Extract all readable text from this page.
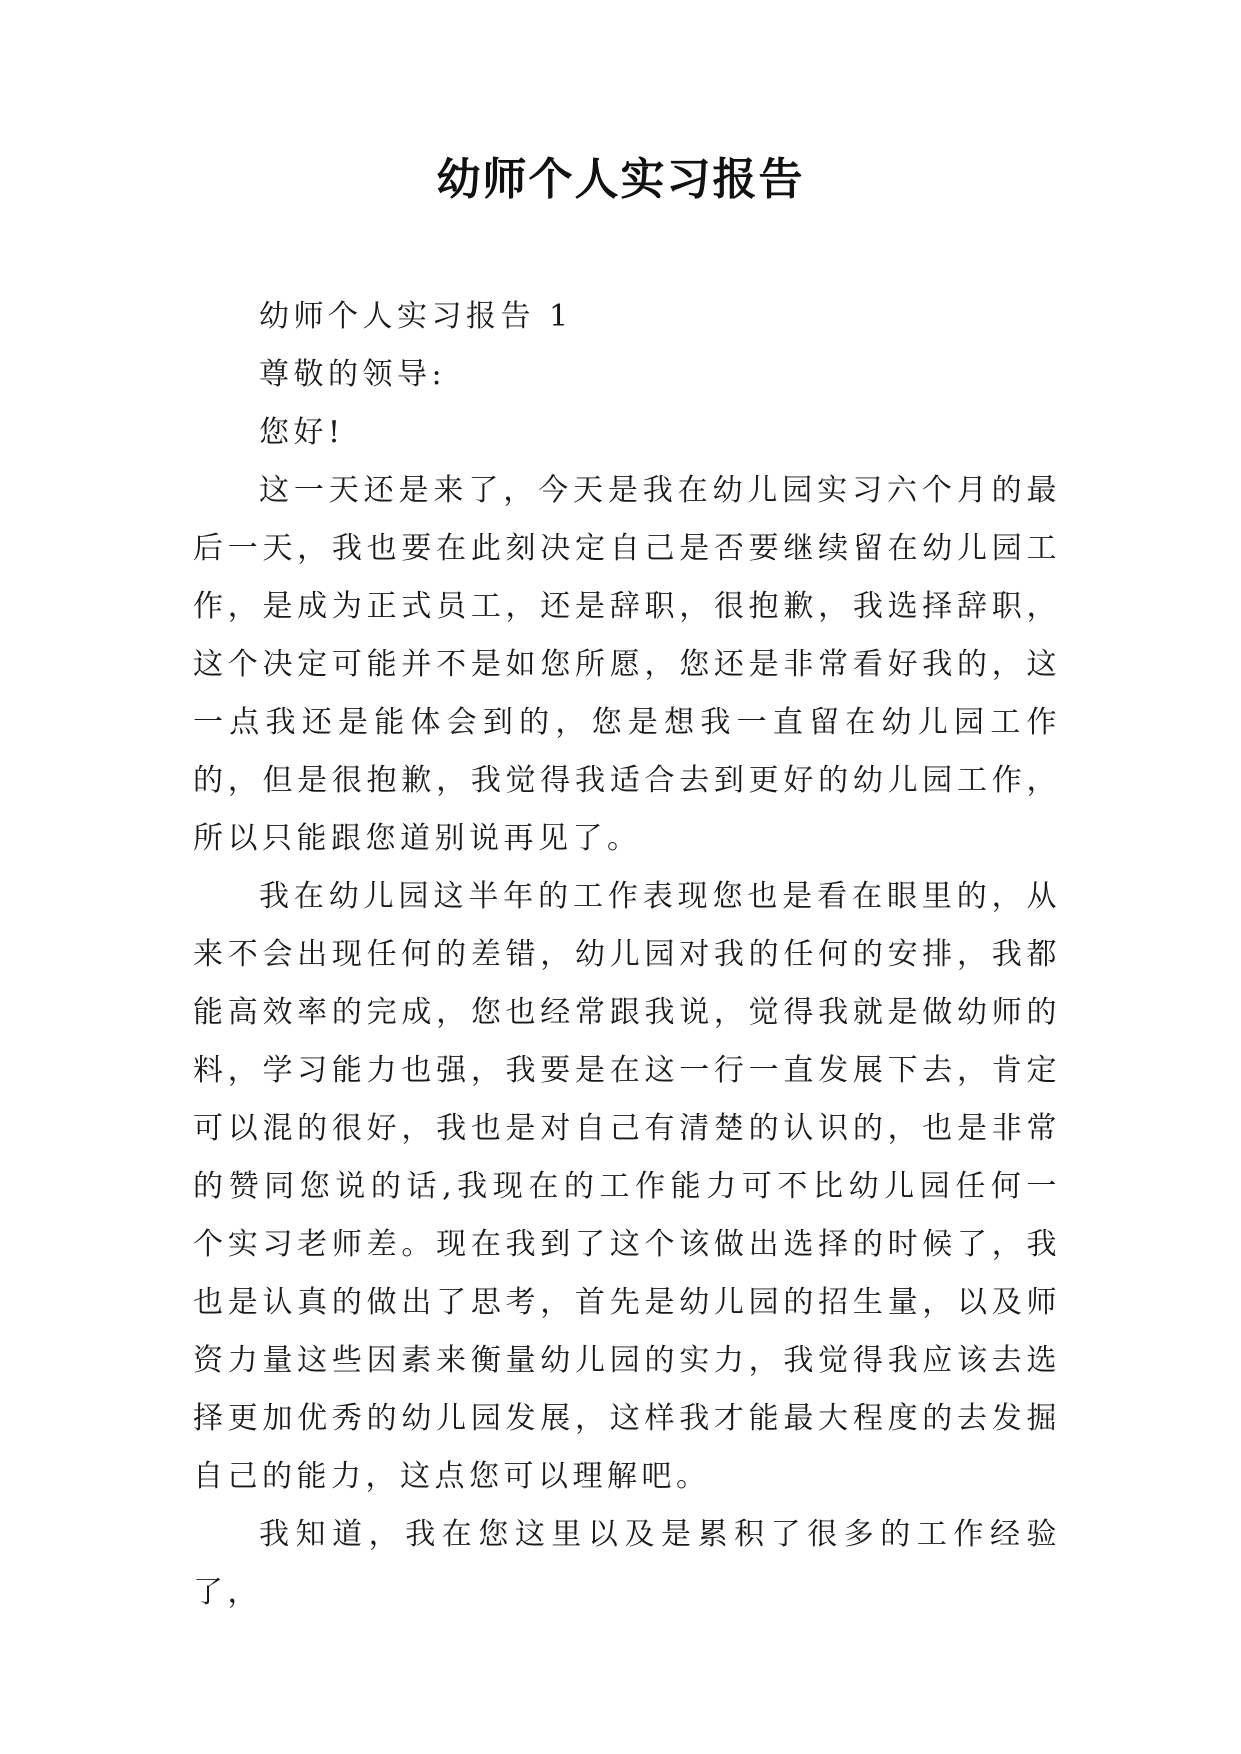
幼师个人实习报告

幼师个人实习报告 1

尊敬的领导:

您好!

这一天还是来了，今天是我在幼儿园实习六个月的最后一天，我也要在此刻决定自己是否要继续留在幼儿园工作，是成为正式员工，还是辞职，很抱歉，我选择辞职，这个决定可能并不是如您所愿，您还是非常看好我的，这一点我还是能体会到的，您是想我一直留在幼儿园工作的，但是很抱歉，我觉得我适合去到更好的幼儿园工作，所以只能跟您道别说再见了。

我在幼儿园这半年的工作表现您也是看在眼里的，从来不会出现任何的差错，幼儿园对我的任何的安排，我都能高效率的完成，您也经常跟我说，觉得我就是做幼师的料，学习能力也强，我要是在这一行一直发展下去，肯定可以混的很好，我也是对自己有清楚的认识的，也是非常的赞同您说的话,我现在的工作能力可不比幼儿园任何一个实习老师差。现在我到了这个该做出选择的时候了，我也是认真的做出了思考，首先是幼儿园的招生量，以及师资力量这些因素来衡量幼儿园的实力，我觉得我应该去选择更加优秀的幼儿园发展，这样我才能最大程度的去发掘自己的能力，这点您可以理解吧。

我知道，我在您这里以及是累积了很多的工作经验了，
